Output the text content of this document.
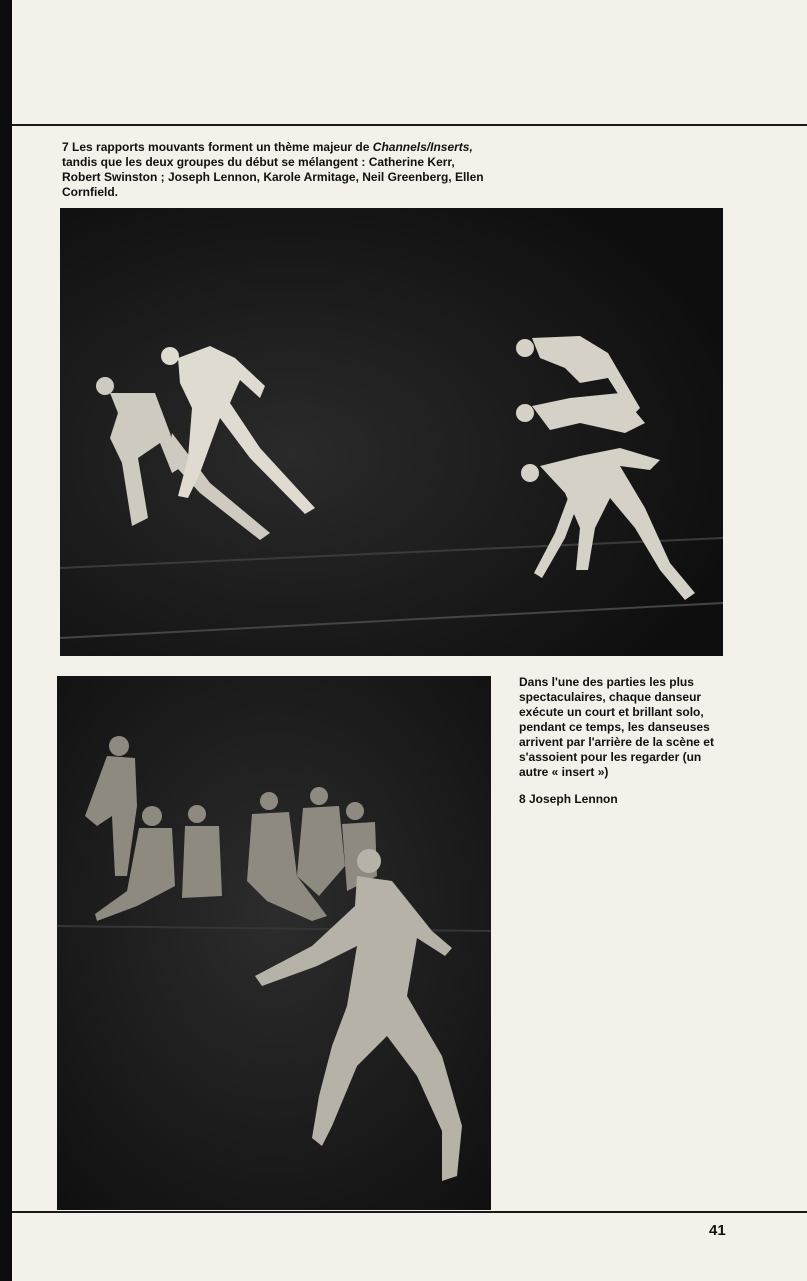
7 Les rapports mouvants forment un thème majeur de Channels/Inserts, tandis que les deux groupes du début se mélangent : Catherine Kerr, Robert Swinston ; Joseph Lennon, Karole Armitage, Neil Greenberg, Ellen Cornfield.

Dans l'une des parties les plus spectaculaires, chaque danseur exécute un court et brillant solo, pendant ce temps, les danseuses arrivent par l'arrière de la scène et s'assoient pour les regarder (un autre « insert »)

8 Joseph Lennon

41
